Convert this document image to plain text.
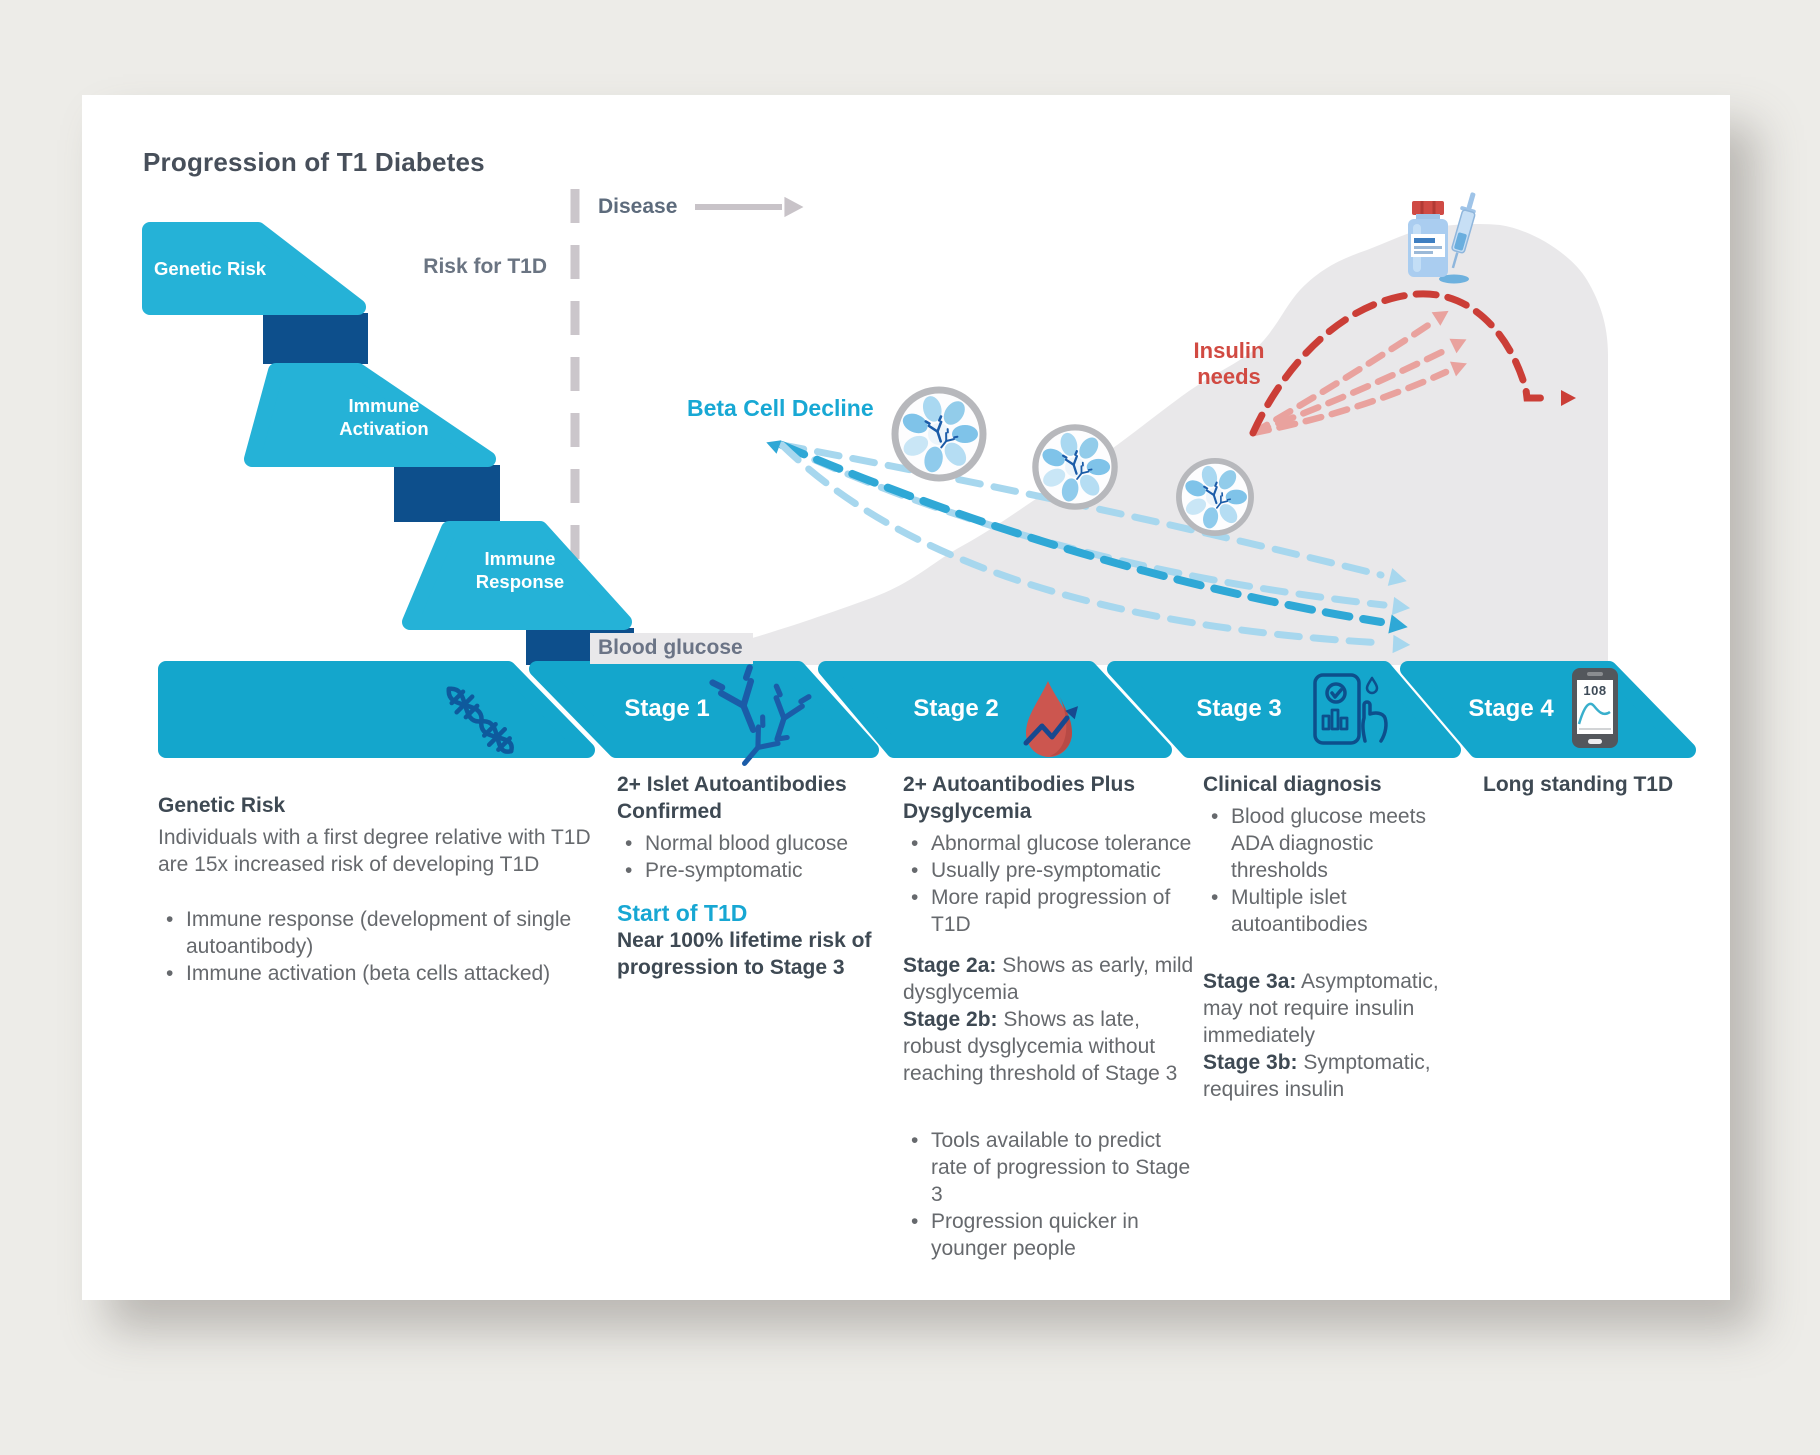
Progression of T1 Diabetes
Disease
Risk for T1D
Genetic Risk
Immune
Activation
Immune
Response
Beta Cell Decline
Insulin
needs
Blood glucose
Stage 1	Stage 2	Stage 3	Stage 4
108
Genetic Risk

Individuals with a first degree relative with T1D are 15x increased risk of developing T1D

• Immune response (development of single autoantibody)
• Immune activation (beta cells attacked)
2+ Islet Autoantibodies Confirmed
• Normal blood glucose
• Pre-symptomatic
Start of T1D

Near 100% lifetime risk of progression to Stage 3

2+ Autoantibodies Plus Dysglycemia
• Abnormal glucose tolerance
• Usually pre-symptomatic
• More rapid progression of T1D

Stage 2a: Shows as early, mild dysglycemia

Stage 2b: Shows as late, robust dysglycemia without reaching threshold of Stage 3

• Tools available to predict rate of progression to Stage 3
• Progression quicker in younger people
Clinical diagnosis
• Blood glucose meets ADA diagnostic thresholds
• Multiple islet autoantibodies

Stage 3a: Asymptomatic, may not require insulin immediately

Stage 3b: Symptomatic, requires insulin

Long standing T1D
